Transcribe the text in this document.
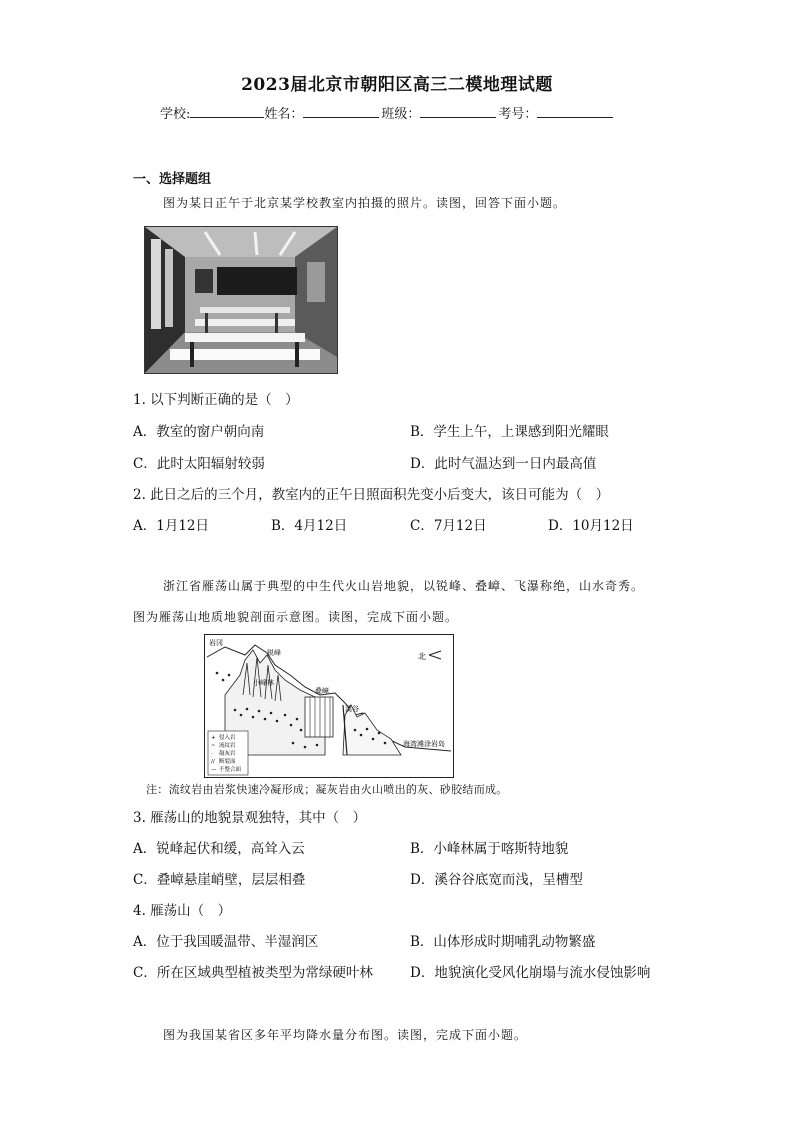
2023届北京市朝阳区高三二模地理试题
学校:	姓名：	班级：	考号：
一、选择题组
图为某日正午于北京某学校教室内拍摄的照片。读图，回答下面小题。
1. 以下判断正确的是（　）
A．教室的窗户朝向南	B．学生上午，上课感到阳光耀眼
C．此时太阳辐射较弱	D．此时气温达到一日内最高值
2. 此日之后的三个月，教室内的正午日照面积先变小后变大，该日可能为（　）
A．1月12日	B．4月12日	C．7月12日	D．10月12日
浙江省雁荡山属于典型的中生代火山岩地貌，以锐峰、叠嶂、飞瀑称绝，山水奇秀。
图为雁荡山地质地貌剖面示意图。读图，完成下面小题。
岩冈
锐峰
小峰林
叠嶂
溪谷
海湾滩涂岩岛
北
+ 侵入岩
~ 流纹岩
· 凝灰岩
// 断裂面
— 不整合面
注：流纹岩由岩浆快速冷凝形成；凝灰岩由火山喷出的灰、砂胶结而成。
3. 雁荡山的地貌景观独特，其中（　）
A．锐峰起伏和缓，高耸入云	B．小峰林属于喀斯特地貌
C．叠嶂悬崖峭壁，层层相叠	D．溪谷谷底宽而浅，呈槽型
4. 雁荡山（　）
A．位于我国暖温带、半湿润区	B．山体形成时期哺乳动物繁盛
C．所在区域典型植被类型为常绿硬叶林	D．地貌演化受风化崩塌与流水侵蚀影响
图为我国某省区多年平均降水量分布图。读图，完成下面小题。
